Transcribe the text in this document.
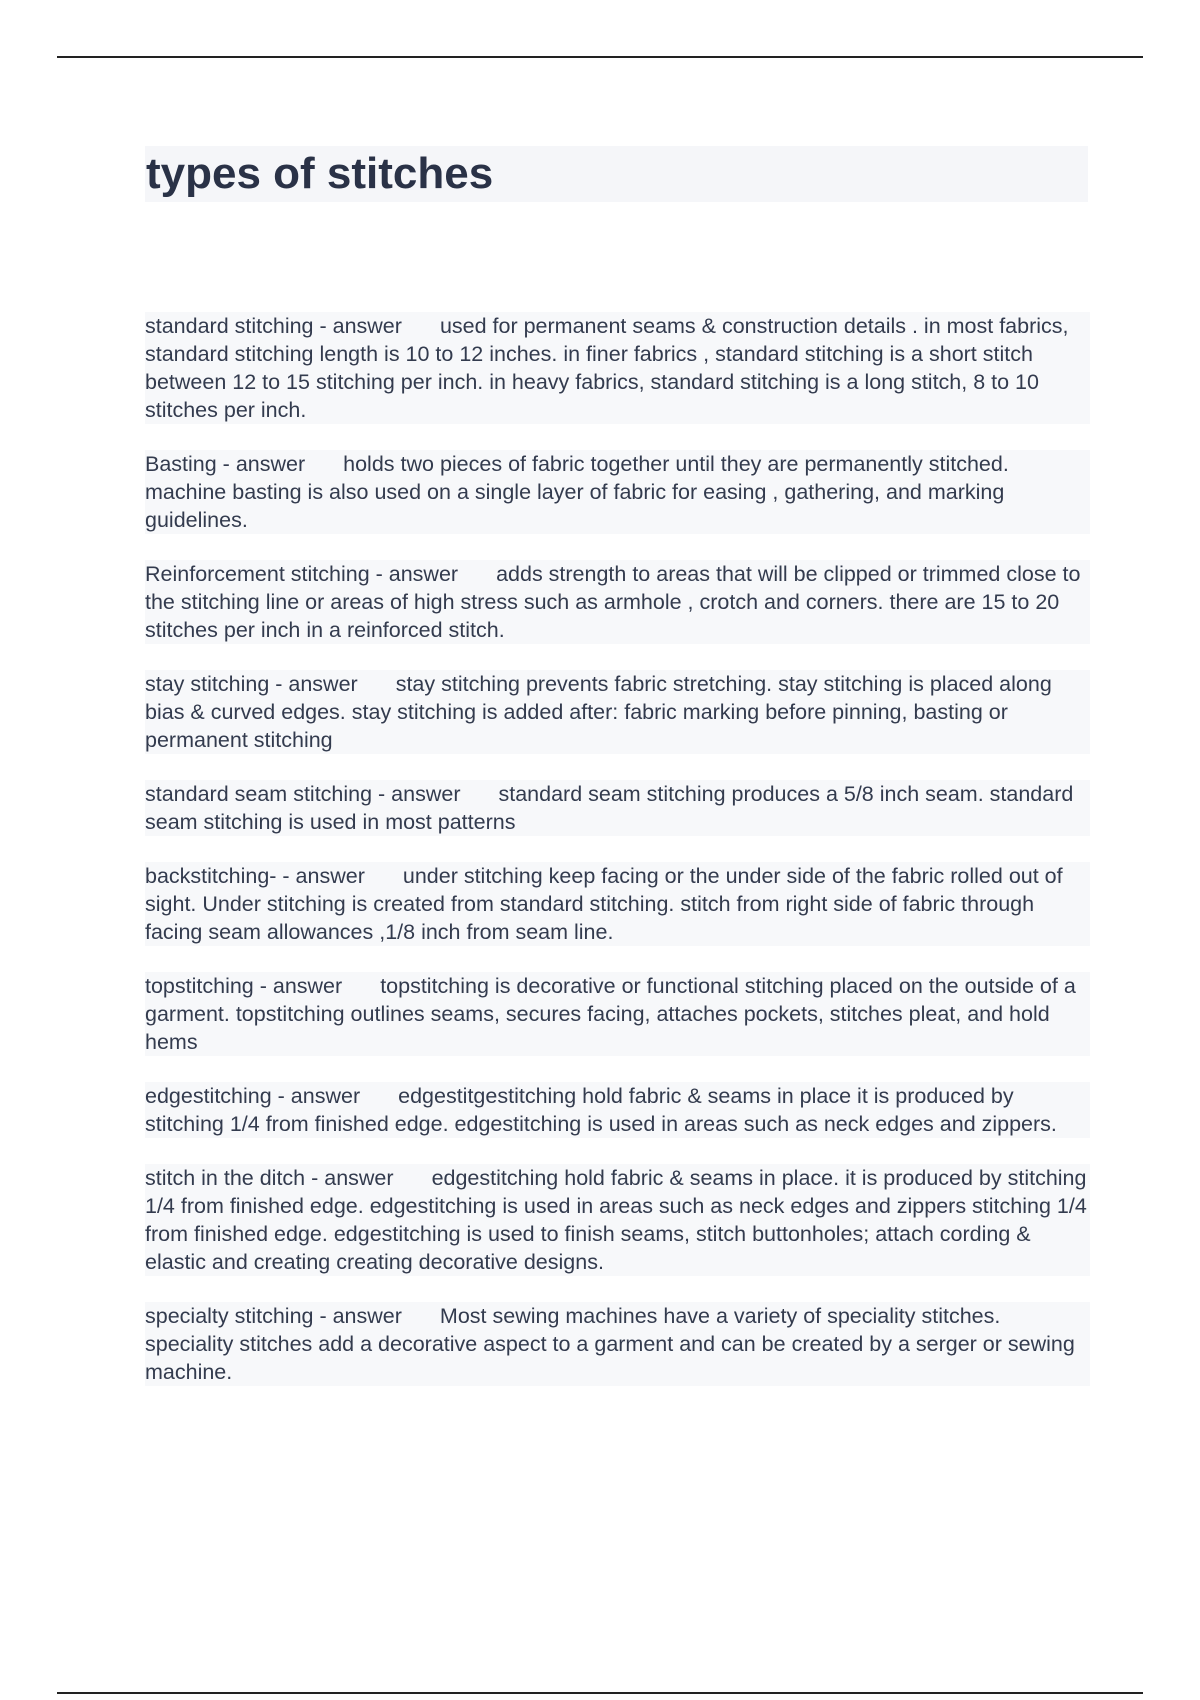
types of stitches

standard stitching - answer used for permanent seams & construction details . in most fabrics, standard stitching length is 10 to 12 inches. in finer fabrics , standard stitching is a short stitch between 12 to 15 stitching per inch. in heavy fabrics, standard stitching is a long stitch, 8 to 10 stitches per inch.

Basting - answer holds two pieces of fabric together until they are permanently stitched. machine basting is also used on a single layer of fabric for easing , gathering, and marking guidelines.

Reinforcement stitching - answer adds strength to areas that will be clipped or trimmed close to the stitching line or areas of high stress such as armhole , crotch and corners. there are 15 to 20 stitches per inch in a reinforced stitch.

stay stitching - answer stay stitching prevents fabric stretching. stay stitching is placed along bias & curved edges. stay stitching is added after: fabric marking before pinning, basting or permanent stitching

standard seam stitching - answer standard seam stitching produces a 5/8 inch seam. standard seam stitching is used in most patterns

backstitching- - answer under stitching keep facing or the under side of the fabric rolled out of sight. Under stitching is created from standard stitching. stitch from right side of fabric through facing seam allowances ,1/8 inch from seam line.

topstitching - answer topstitching is decorative or functional stitching placed on the outside of a garment. topstitching outlines seams, secures facing, attaches pockets, stitches pleat, and hold hems

edgestitching - answer edgestitgestitching hold fabric & seams in place it is produced by stitching 1/4 from finished edge. edgestitching is used in areas such as neck edges and zippers.

stitch in the ditch - answer edgestitching hold fabric & seams in place. it is produced by stitching 1/4 from finished edge. edgestitching is used in areas such as neck edges and zippers stitching 1/4 from finished edge. edgestitching is used to finish seams, stitch buttonholes; attach cording & elastic and creating creating decorative designs.

specialty stitching - answer Most sewing machines have a variety of speciality stitches. speciality stitches add a decorative aspect to a garment and can be created by a serger or sewing machine.
